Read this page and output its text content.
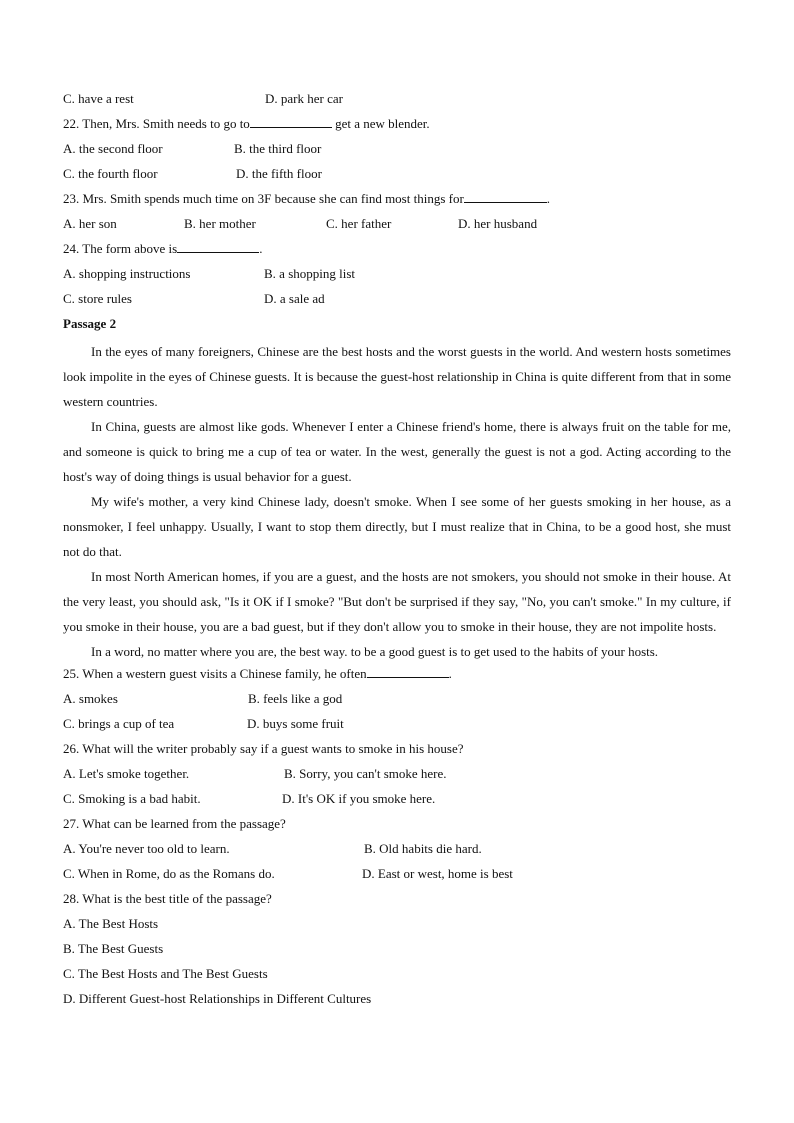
C. have a rest	D. park her car
22. Then, Mrs. Smith needs to go to	get a new blender.
A. the second floor	B. the third floor
C. the fourth floor	D. the fifth floor
23. Mrs. Smith spends much time on 3F because she can find most things for	.
A. her son	B. her mother	C. her father	D. her husband
24. The form above is	.
A. shopping instructions	B. a shopping list
C. store rules	D. a sale ad
Passage 2

In the eyes of many foreigners, Chinese are the best hosts and the worst guests in the world. And western hosts sometimes look impolite in the eyes of Chinese guests. It is because the guest-host relationship in China is quite different from that in some western countries.

In China, guests are almost like gods. Whenever I enter a Chinese friend's home, there is always fruit on the table for me, and someone is quick to bring me a cup of tea or water. In the west, generally the guest is not a god. Acting according to the host's way of doing things is usual behavior for a guest.

My wife's mother, a very kind Chinese lady, doesn't smoke. When I see some of her guests smoking in her house, as a nonsmoker, I feel unhappy. Usually, I want to stop them directly, but I must realize that in China, to be a good host, she must not do that.

In most North American homes, if you are a guest, and the hosts are not smokers, you should not smoke in their house. At the very least, you should ask, "Is it OK if I smoke? "But don't be surprised if they say, "No, you can't smoke." In my culture, if you smoke in their house, you are a bad guest, but if they don't allow you to smoke in their house, they are not impolite hosts.

In a word, no matter where you are, the best way. to be a good guest is to get used to the habits of your hosts.

25. When a western guest visits a Chinese family, he often	.
A. smokes	B. feels like a god
C. brings a cup of tea	D. buys some fruit
26. What will the writer probably say if a guest wants to smoke in his house?
A. Let's smoke together.	B. Sorry, you can't smoke here.
C. Smoking is a bad habit.	D. It's OK if you smoke here.
27. What can be learned from the passage?
A. You're never too old to learn.	B. Old habits die hard.
C. When in Rome, do as the Romans do.	D. East or west, home is best
28. What is the best title of the passage?
A. The Best Hosts
B. The Best Guests
C. The Best Hosts and The Best Guests
D. Different Guest-host Relationships in Different Cultures
